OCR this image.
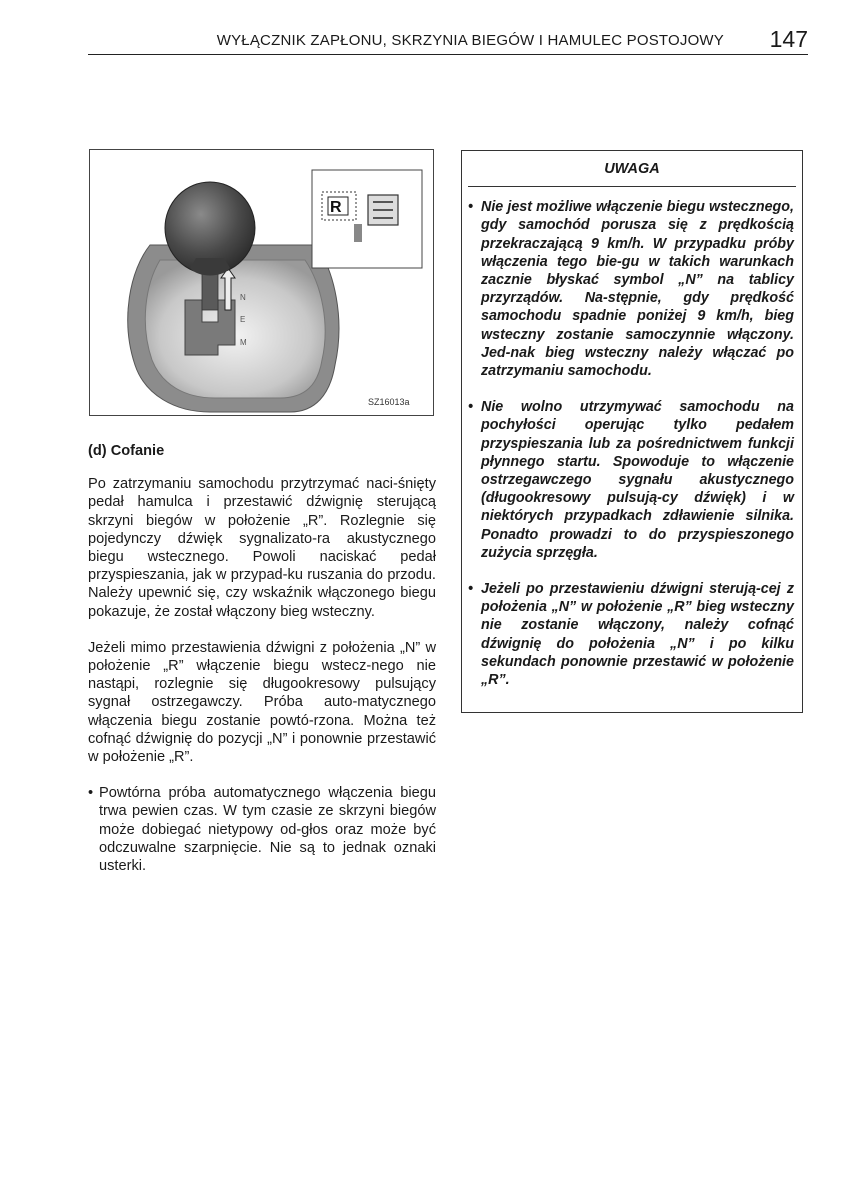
WYŁĄCZNIK ZAPŁONU, SKRZYNIA BIEGÓW I HAMULEC POSTOJOWY 147
N
E
M
R
SZ16013a

(d) Cofanie

Po zatrzymaniu samochodu przytrzymać naci-śnięty pedał hamulca i przestawić dźwignię sterującą skrzyni biegów w położenie „R”. Rozlegnie się pojedynczy dźwięk sygnalizato-ra akustycznego biegu wstecznego. Powoli naciskać pedał przyspieszania, jak w przypad-ku ruszania do przodu. Należy upewnić się, czy wskaźnik włączonego biegu pokazuje, że został włączony bieg wsteczny.

Jeżeli mimo przestawienia dźwigni z położenia „N” w położenie „R” włączenie biegu wstecz-nego nie nastąpi, rozlegnie się długookresowy pulsujący sygnał ostrzegawczy. Próba auto-matycznego włączenia biegu zostanie powtó-rzona. Można też cofnąć dźwignię do pozycji „N” i ponownie przestawić w położenie „R”.

• Powtórna próba automatycznego włączenia biegu trwa pewien czas. W tym czasie ze skrzyni biegów może dobiegać nietypowy od-głos oraz może być odczuwalne szarpnięcie. Nie są to jednak oznaki usterki.
UWAGA
• Nie jest możliwe włączenie biegu wstecznego, gdy samochód porusza się z prędkością przekraczającą 9 km/h. W przypadku próby włączenia tego bie-gu w takich warunkach zacznie błyskać symbol „N” na tablicy przyrządów. Na-stępnie, gdy prędkość samochodu spadnie poniżej 9 km/h, bieg wsteczny zostanie samoczynnie włączony. Jed-nak bieg wsteczny należy włączać po zatrzymaniu samochodu.
• Nie wolno utrzymywać samochodu na pochyłości operując tylko pedałem przyspieszania lub za pośrednictwem funkcji płynnego startu. Spowoduje to włączenie ostrzegawczego sygnału akustycznego (długookresowy pulsują-cy dźwięk) i w niektórych przypadkach zdławienie silnika. Ponadto prowadzi to do przyspieszonego zużycia sprzęgła.
• Jeżeli po przestawieniu dźwigni sterują-cej z położenia „N” w położenie „R” bieg wsteczny nie zostanie włączony, należy cofnąć dźwignię do położenia „N” i po kilku sekundach ponownie przestawić w położenie „R”.
